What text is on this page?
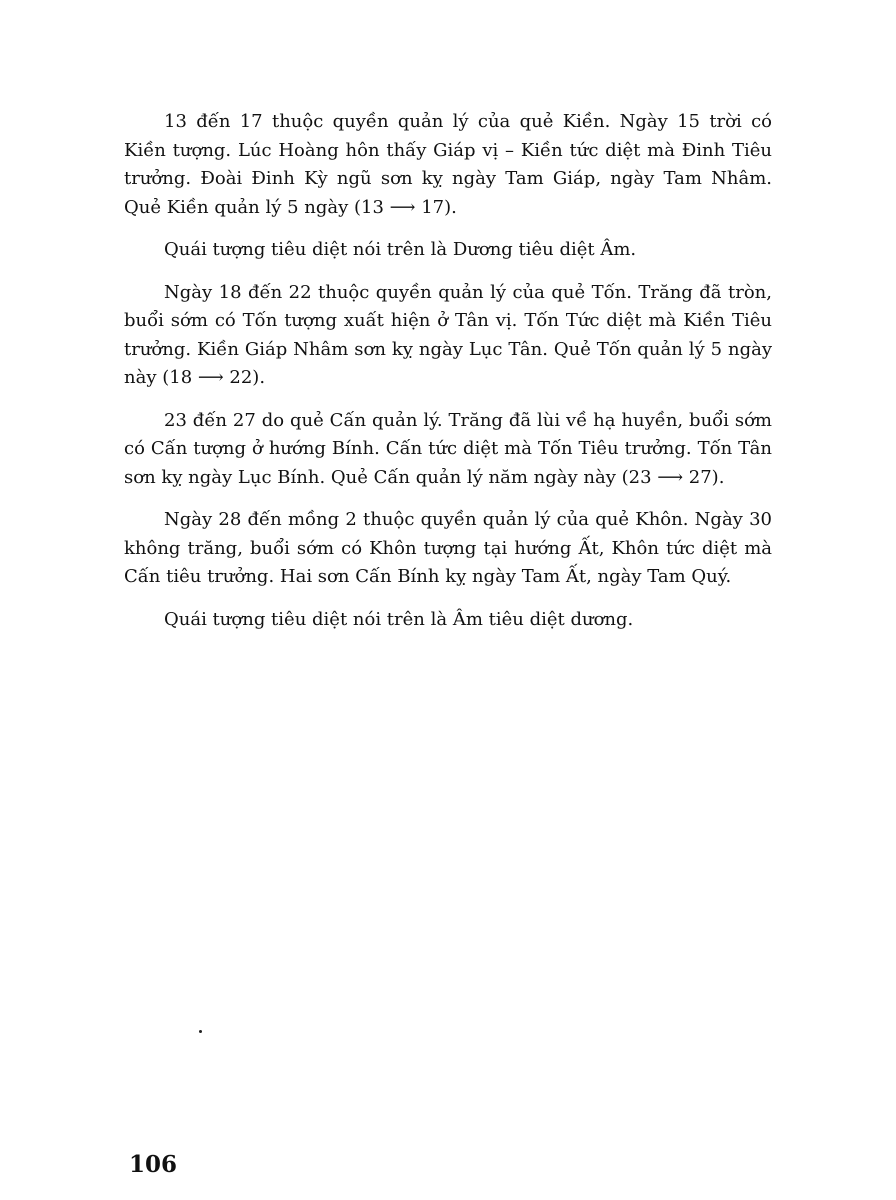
13 đến 17 thuộc quyền quản lý của quẻ Kiền. Ngày 15 trời có Kiền tượng. Lúc Hoàng hôn thấy Giáp vị – Kiền tức diệt mà Đinh Tiêu trưởng. Đoài Đinh Kỳ ngũ sơn kỵ ngày Tam Giáp, ngày Tam Nhâm. Quẻ Kiền quản lý 5 ngày (13 ⟶ 17).

Quái tượng tiêu diệt nói trên là Dương tiêu diệt Âm.

Ngày 18 đến 22 thuộc quyền quản lý của quẻ Tốn. Trăng đã tròn, buổi sớm có Tốn tượng xuất hiện ở Tân vị. Tốn Tức diệt mà Kiền Tiêu trưởng. Kiền Giáp Nhâm sơn kỵ ngày Lục Tân. Quẻ Tốn quản lý 5 ngày này (18 ⟶ 22).

23 đến 27 do quẻ Cấn quản lý. Trăng đã lùi về hạ huyền, buổi sớm có Cấn tượng ở hướng Bính. Cấn tức diệt mà Tốn Tiêu trưởng. Tốn Tân sơn kỵ ngày Lục Bính. Quẻ Cấn quản lý năm ngày này (23 ⟶ 27).

Ngày 28 đến mồng 2 thuộc quyền quản lý của quẻ Khôn. Ngày 30 không trăng, buổi sớm có Khôn tượng tại hướng Ất, Khôn tức diệt mà Cấn tiêu trưởng. Hai sơn Cấn Bính kỵ ngày Tam Ất, ngày Tam Quý.

Quái tượng tiêu diệt nói trên là Âm tiêu diệt dương.

106
